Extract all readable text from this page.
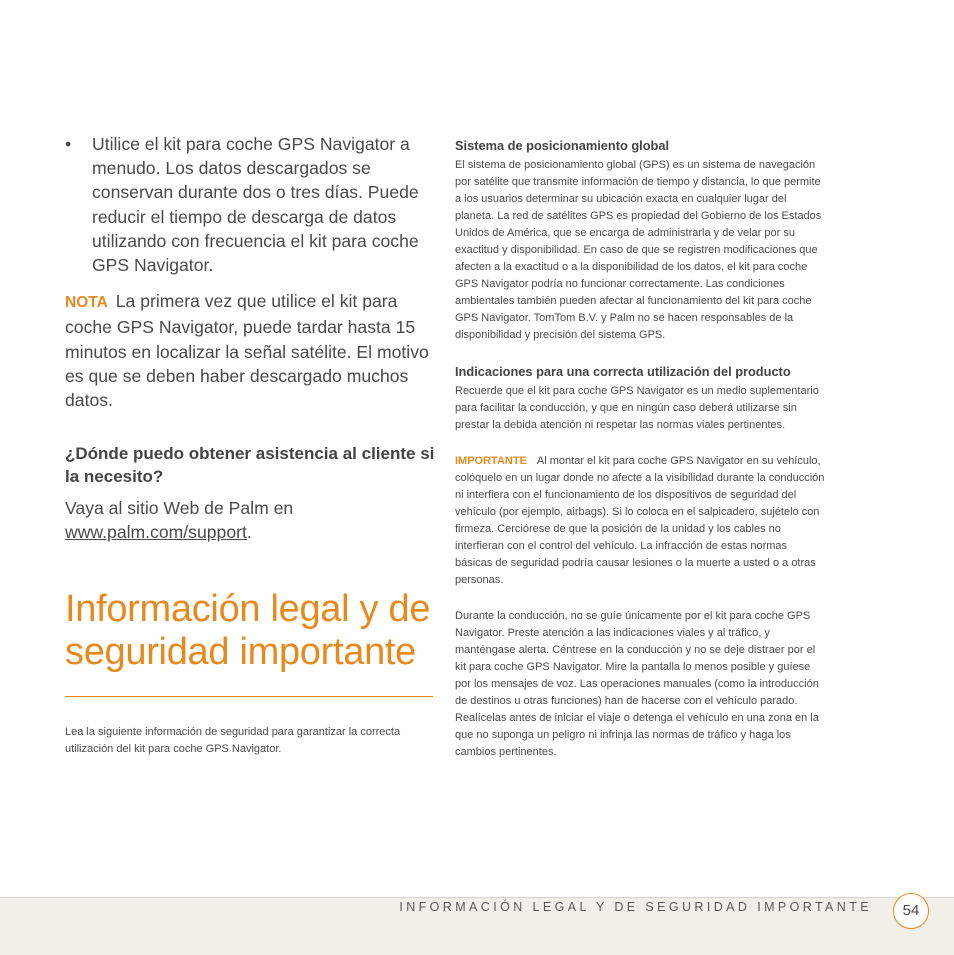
• Utilice el kit para coche GPS Navigator a menudo. Los datos descargados se conservan durante dos o tres días. Puede reducir el tiempo de descarga de datos utilizando con frecuencia el kit para coche GPS Navigator.

NOTA La primera vez que utilice el kit para coche GPS Navigator, puede tardar hasta 15 minutos en localizar la señal satélite. El motivo es que se deben haber descargado muchos datos.
¿Dónde puedo obtener asistencia al cliente si la necesito?
Vaya al sitio Web de Palm en
www.palm.com/support.
Información legal y de seguridad importante
Lea la siguiente información de seguridad para garantizar la correcta utilización del kit para coche GPS Navigator.

Sistema de posicionamiento global

El sistema de posicionamiento global (GPS) es un sistema de navegación por satélite que transmite información de tiempo y distancia, lo que permite a los usuarios determinar su ubicación exacta en cualquier lugar del planeta. La red de satélites GPS es propiedad del Gobierno de los Estados Unidos de América, que se encarga de administrarla y de velar por su exactitud y disponibilidad. En caso de que se registren modificaciones que afecten a la exactitud o a la disponibilidad de los datos, el kit para coche GPS Navigator podría no funcionar correctamente. Las condiciones ambientales también pueden afectar al funcionamiento del kit para coche GPS Navigator. TomTom B.V. y Palm no se hacen responsables de la disponibilidad y precisión del sistema GPS.

Indicaciones para una correcta utilización del producto

Recuerde que el kit para coche GPS Navigator es un medio suplementario para facilitar la conducción, y que en ningún caso deberá utilizarse sin prestar la debida atención ni respetar las normas viales pertinentes.

IMPORTANTE Al montar el kit para coche GPS Navigator en su vehículo, colóquelo en un lugar donde no afecte a la visibilidad durante la conducción ni interfiera con el funcionamiento de los dispositivos de seguridad del vehículo (por ejemplo, airbags). Si lo coloca en el salpicadero, sujételo con firmeza. Cerciórese de que la posición de la unidad y los cables no interfieran con el control del vehículo. La infracción de estas normas básicas de seguridad podría causar lesiones o la muerte a usted o a otras personas.

Durante la conducción, no se guíe únicamente por el kit para coche GPS Navigator. Preste atención a las indicaciones viales y al tráfico, y manténgase alerta. Céntrese en la conducción y no se deje distraer por el kit para coche GPS Navigator. Mire la pantalla lo menos posible y guíese por los mensajes de voz. Las operaciones manuales (como la introducción de destinos u otras funciones) han de hacerse con el vehículo parado. Realícelas antes de iniciar el viaje o detenga el vehículo en una zona en la que no suponga un peligro ni infrinja las normas de tráfico y haga los cambios pertinentes.

INFORMACIÓN LEGAL Y DE SEGURIDAD IMPORTANTE	54
